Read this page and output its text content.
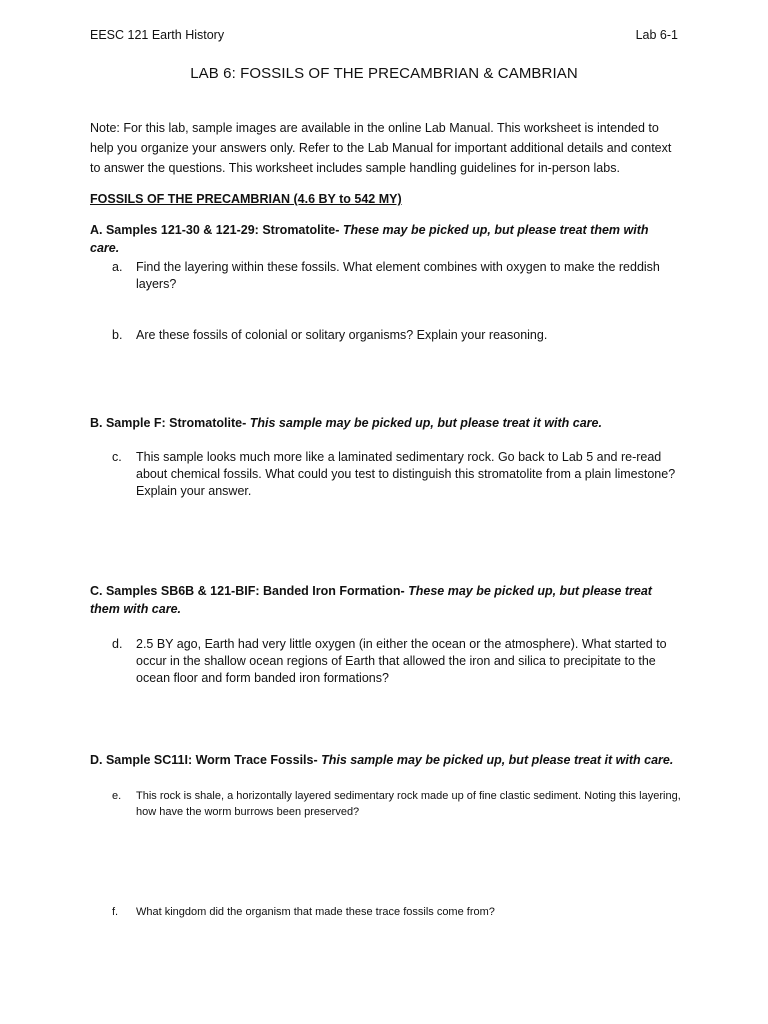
EESC 121 Earth History	Lab 6-1
LAB 6: FOSSILS OF THE PRECAMBRIAN & CAMBRIAN
Note: For this lab, sample images are available in the online Lab Manual. This worksheet is intended to help you organize your answers only. Refer to the Lab Manual for important additional details and context to answer the questions. This worksheet includes sample handling guidelines for in-person labs.
FOSSILS OF THE PRECAMBRIAN (4.6 BY to 542 MY)
A. Samples 121-30 & 121-29: Stromatolite- These may be picked up, but please treat them with care.
a.	Find the layering within these fossils. What element combines with oxygen to make the reddish layers?
b.	Are these fossils of colonial or solitary organisms? Explain your reasoning.
B. Sample F: Stromatolite- This sample may be picked up, but please treat it with care.
c.	This sample looks much more like a laminated sedimentary rock. Go back to Lab 5 and re-read about chemical fossils. What could you test to distinguish this stromatolite from a plain limestone? Explain your answer.
C. Samples SB6B & 121-BIF: Banded Iron Formation- These may be picked up, but please treat them with care.
d.	2.5 BY ago, Earth had very little oxygen (in either the ocean or the atmosphere). What started to occur in the shallow ocean regions of Earth that allowed the iron and silica to precipitate to the ocean floor and form banded iron formations?
D. Sample SC11I: Worm Trace Fossils- This sample may be picked up, but please treat it with care.
e.	This rock is shale, a horizontally layered sedimentary rock made up of fine clastic sediment. Noting this layering, how have the worm burrows been preserved?
f.	What kingdom did the organism that made these trace fossils come from?
